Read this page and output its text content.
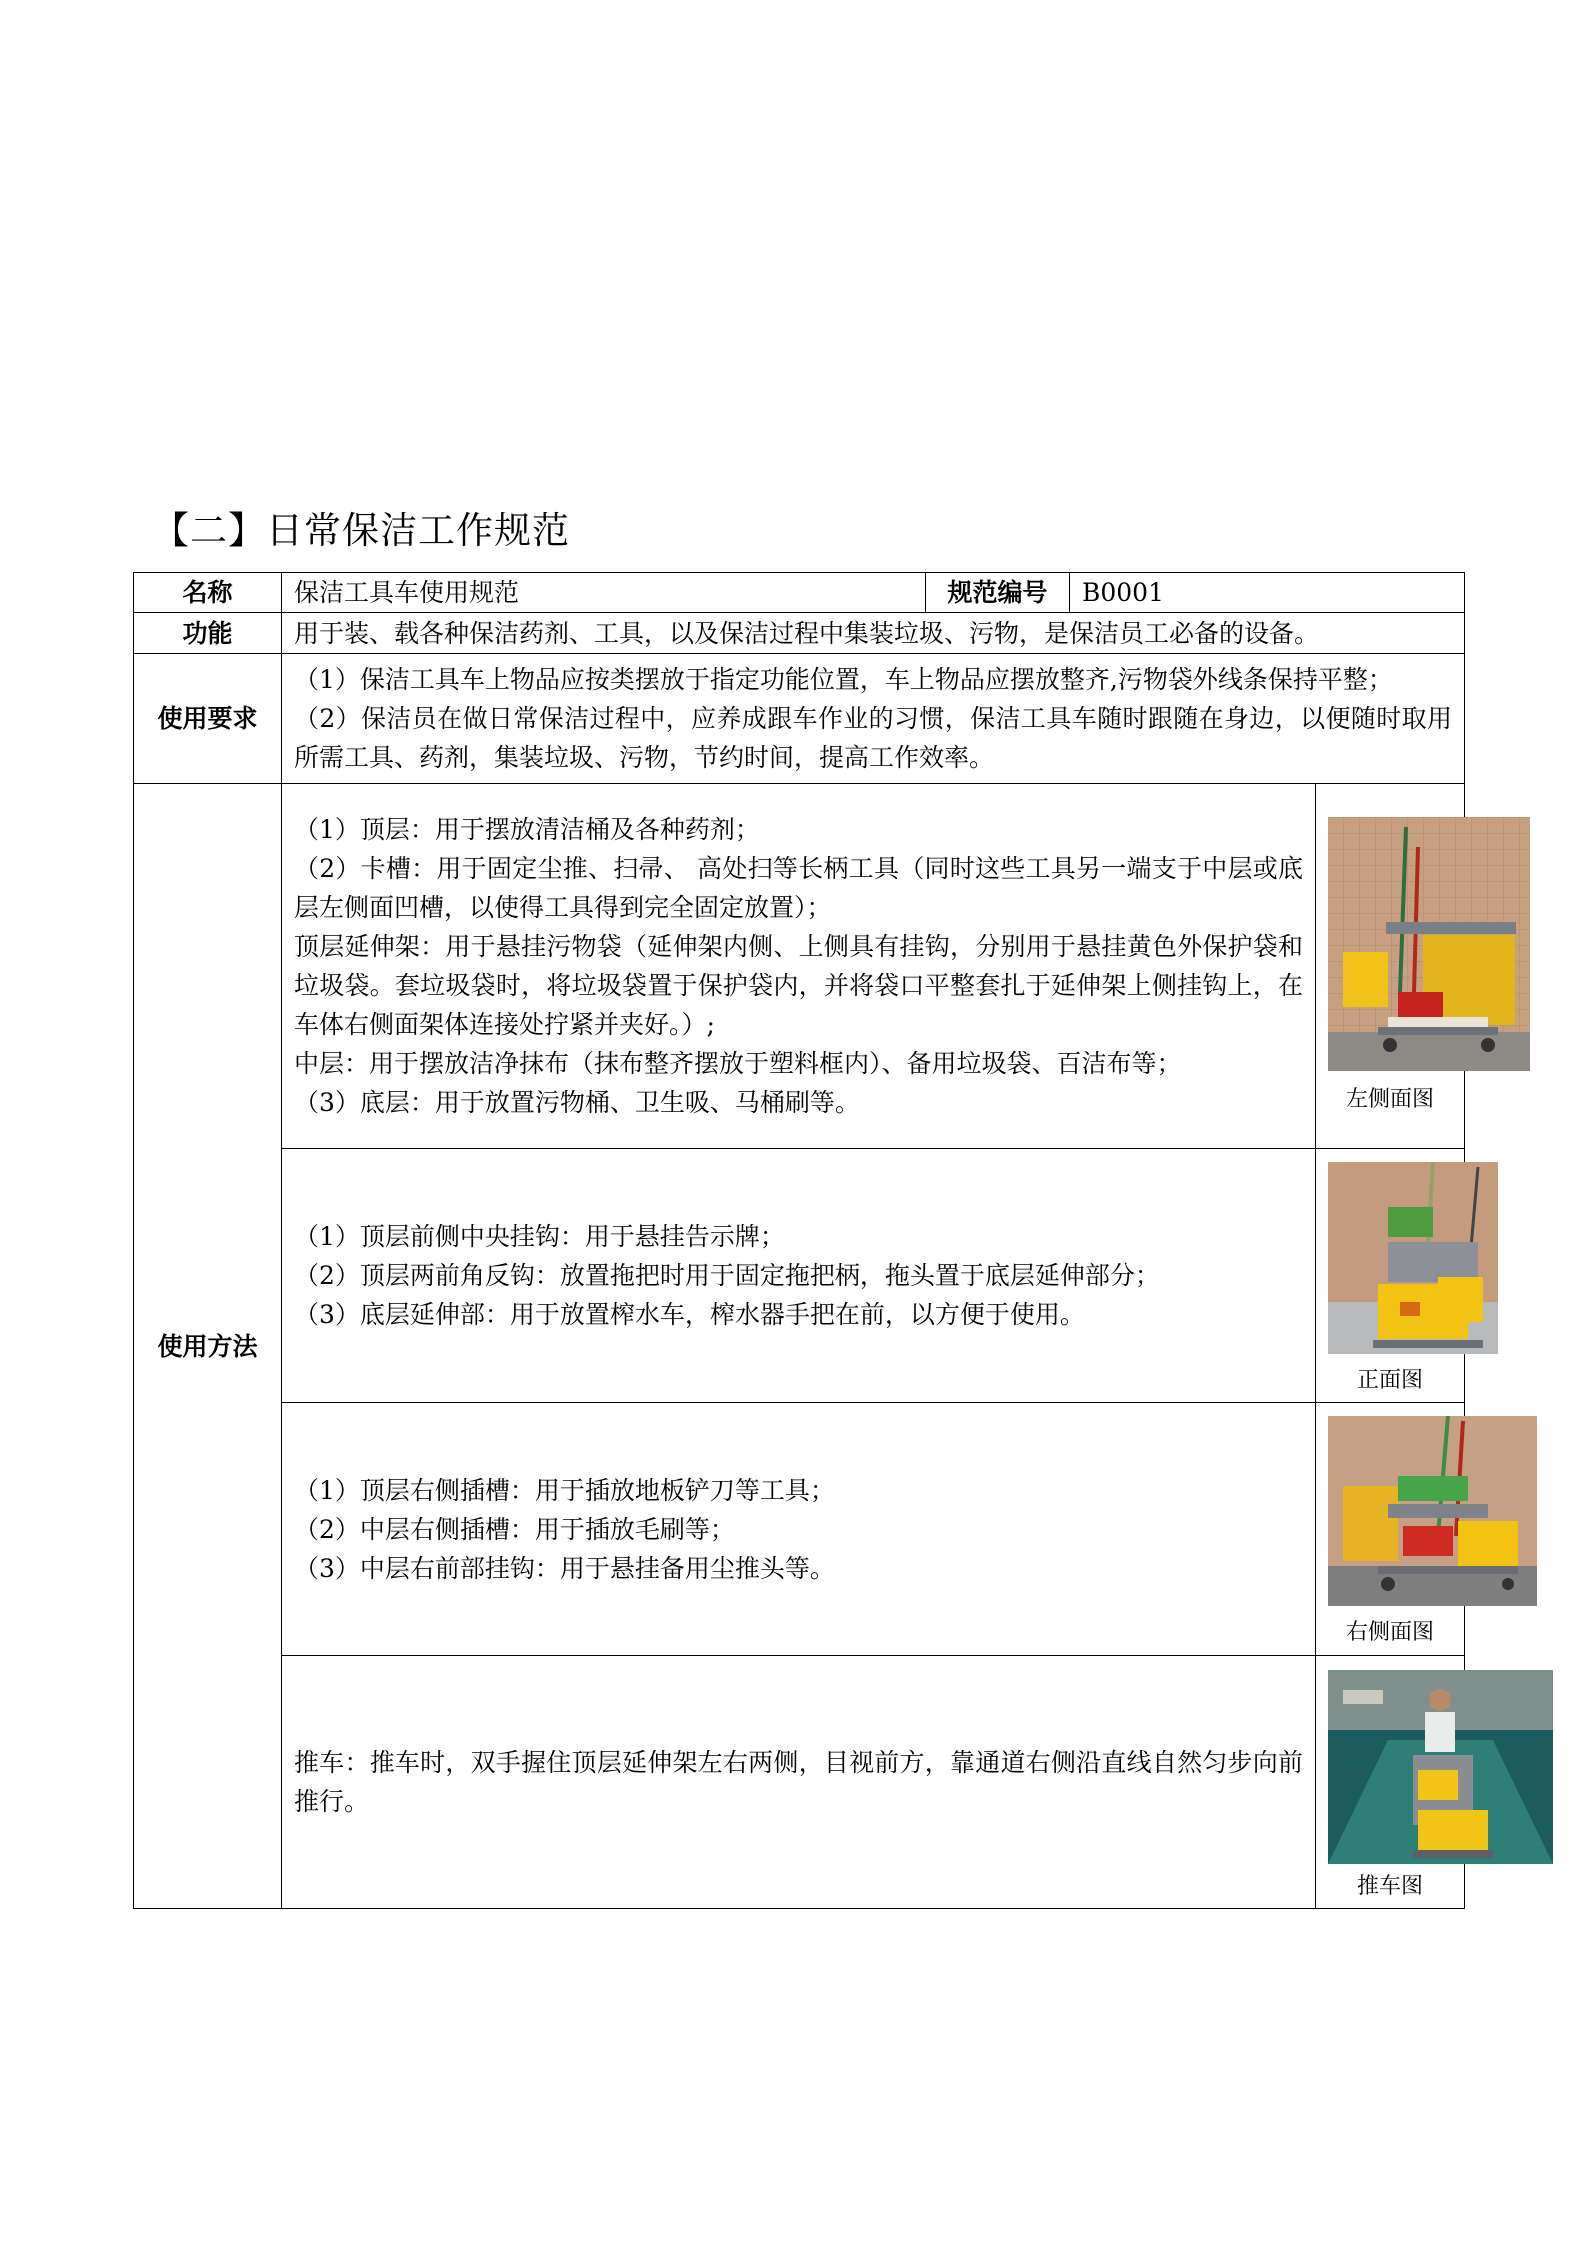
【二】日常保洁工作规范
名称	保洁工具车使用规范	规范编号	B0001	
功能	用于装、载各种保洁药剂、工具，以及保洁过程中集装垃圾、污物，是保洁员工必备的设备。			
使用要求	（1）保洁工具车上物品应按类摆放于指定功能位置，车上物品应摆放整齐,污物袋外线条保持平整；

（2）保洁员在做日常保洁过程中，应养成跟车作业的习惯，保洁工具车随时跟随在身边，以便随时取用所需工具、药剂，集装垃圾、污物，节约时间，提高工作效率。			

使用方法	（1）顶层：用于摆放清洁桶及各种药剂；

（2）卡槽：用于固定尘推、扫帚、 高处扫等长柄工具（同时这些工具另一端支于中层或底层左侧面凹槽，以使得工具得到完全固定放置）；

顶层延伸架：用于悬挂污物袋（延伸架内侧、上侧具有挂钩，分别用于悬挂黄色外保护袋和垃圾袋。套垃圾袋时，将垃圾袋置于保护袋内，并将袋口平整套扎于延伸架上侧挂钩上，在车体右侧面架体连接处拧紧并夹好。）;

中层：用于摆放洁净抹布（抹布整齐摆放于塑料框内）、备用垃圾袋、百洁布等；

（3）底层：用于放置污物桶、卫生吸、马桶刷等。			左侧面图

	（1）顶层前侧中央挂钩：用于悬挂告示牌；

（2）顶层两前角反钩：放置拖把时用于固定拖把柄，拖头置于底层延伸部分；

（3）底层延伸部：用于放置榨水车，榨水器手把在前，以方便于使用。			正面图

	（1）顶层右侧插槽：用于插放地板铲刀等工具；

（2）中层右侧插槽：用于插放毛刷等；

（3）中层右前部挂钩：用于悬挂备用尘推头等。			右侧面图

	推车：推车时，双手握住顶层延伸架左右两侧，目视前方，靠通道右侧沿直线自然匀步向前推行。			推车图
